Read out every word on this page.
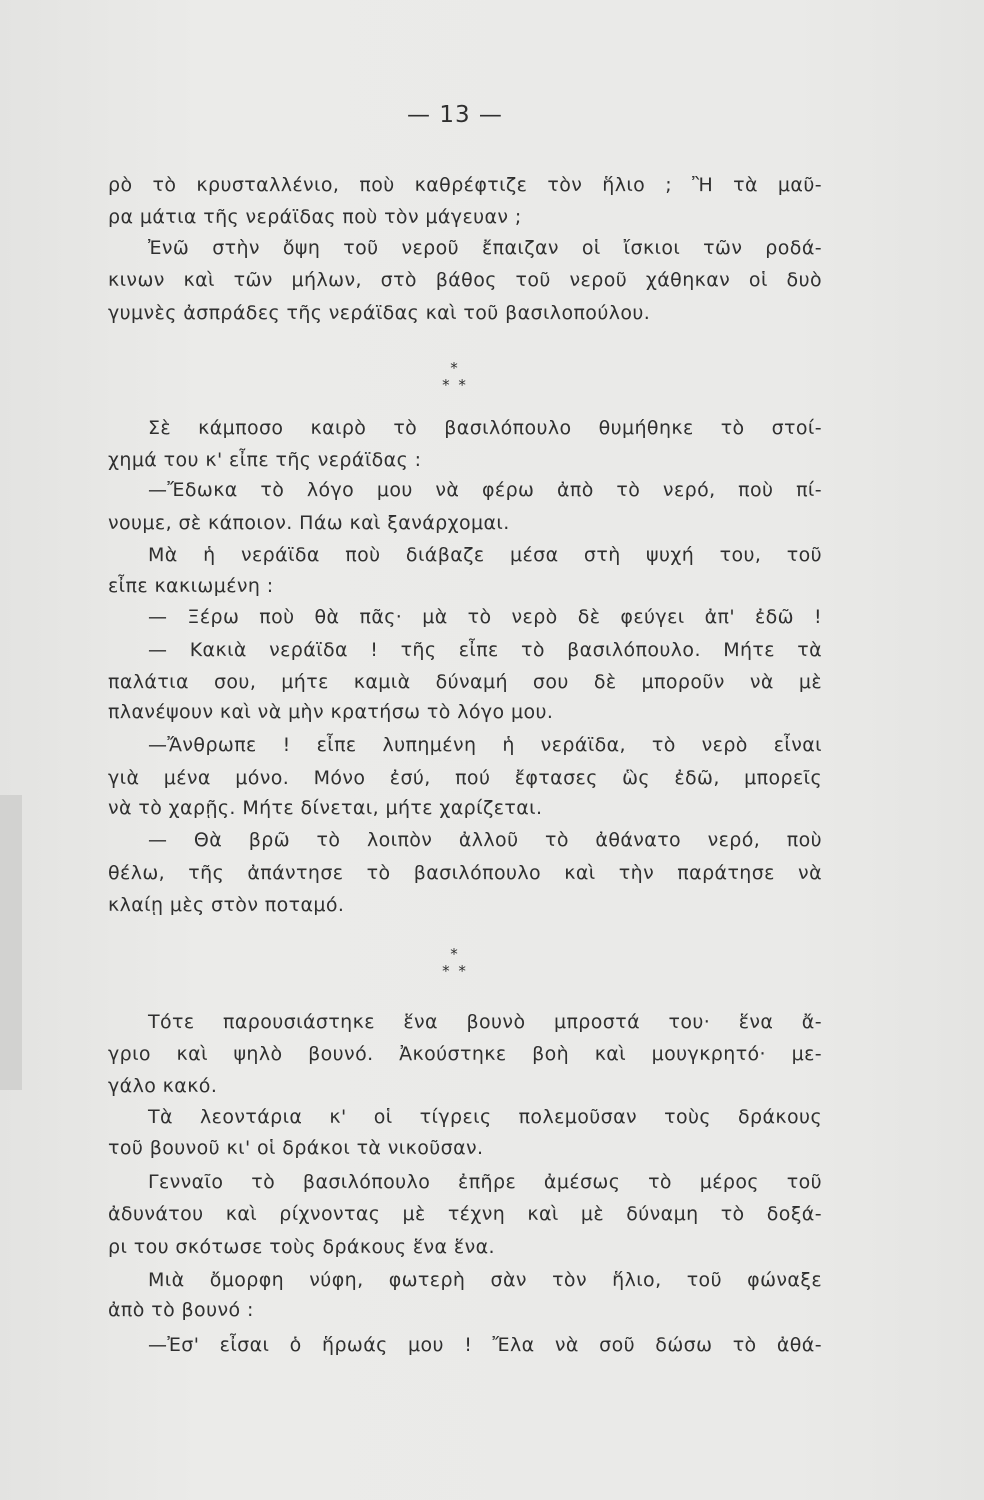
— 13 —
ρὸ τὸ κρυσταλλένιο, ποὺ καθρέφτιζε τὸν ἥλιο ; Ἢ τὰ μαῦ-
ρα μάτια τῆς νεράϊδας ποὺ τὸν μάγευαν ;
Ἐνῶ στὴν ὄψη τοῦ νεροῦ ἔπαιζαν οἱ ἴσκιοι τῶν ροδά-
κινων καὶ τῶν μήλων, στὸ βάθος τοῦ νεροῦ χάθηκαν οἱ δυὸ
γυμνὲς ἀσπράδες τῆς νεράϊδας καὶ τοῦ βασιλοπούλου.
*
* *
Σὲ κάμποσο καιρὸ τὸ βασιλόπουλο θυμήθηκε τὸ στοί-
χημά του κ' εἶπε τῆς νεράϊδας :
—Ἔδωκα τὸ λόγο μου νὰ φέρω ἀπὸ τὸ νερό, ποὺ πί-
νουμε, σὲ κάποιον. Πάω καὶ ξανάρχομαι.
Μὰ ἡ νεράϊδα ποὺ διάβαζε μέσα στὴ ψυχή του, τοῦ
εἶπε κακιωμένη :
— Ξέρω ποὺ θὰ πᾶς· μὰ τὸ νερὸ δὲ φεύγει ἀπ' ἐδῶ !
— Κακιὰ νεράϊδα ! τῆς εἶπε τὸ βασιλόπουλο. Μήτε τὰ
παλάτια σου, μήτε καμιὰ δύναμή σου δὲ μποροῦν νὰ μὲ
πλανέψουν καὶ νὰ μὴν κρατήσω τὸ λόγο μου.
—Ἄνθρωπε ! εἶπε λυπημένη ἡ νεράϊδα, τὸ νερὸ εἶναι
γιὰ μένα μόνο. Μόνο ἐσύ, πού ἔφτασες ὣς ἐδῶ, μπορεῖς
νὰ τὸ χαρῇς. Μήτε δίνεται, μήτε χαρίζεται.
— Θὰ βρῶ τὸ λοιπὸν ἀλλοῦ τὸ ἀθάνατο νερό, ποὺ
θέλω, τῆς ἀπάντησε τὸ βασιλόπουλο καὶ τὴν παράτησε νὰ
κλαίῃ μὲς στὸν ποταμό.
*
* *
Τότε παρουσιάστηκε ἕνα βουνὸ μπροστά του· ἕνα ἄ-
γριο καὶ ψηλὸ βουνό. Ἀκούστηκε βοὴ καὶ μουγκρητό· με-
γάλο κακό.
Τὰ λεοντάρια κ' οἱ τίγρεις πολεμοῦσαν τοὺς δράκους
τοῦ βουνοῦ κι' οἱ δράκοι τὰ νικοῦσαν.
Γενναῖο τὸ βασιλόπουλο ἐπῆρε ἀμέσως τὸ μέρος τοῦ
ἀδυνάτου καὶ ρίχνοντας μὲ τέχνη καὶ μὲ δύναμη τὸ δοξά-
ρι του σκότωσε τοὺς δράκους ἕνα ἕνα.
Μιὰ ὄμορφη νύφη, φωτερὴ σὰν τὸν ἥλιο, τοῦ φώναξε
ἀπὸ τὸ βουνό :
—Ἐσ' εἶσαι ὁ ἥρωάς μου ! Ἔλα νὰ σοῦ δώσω τὸ ἀθά-
